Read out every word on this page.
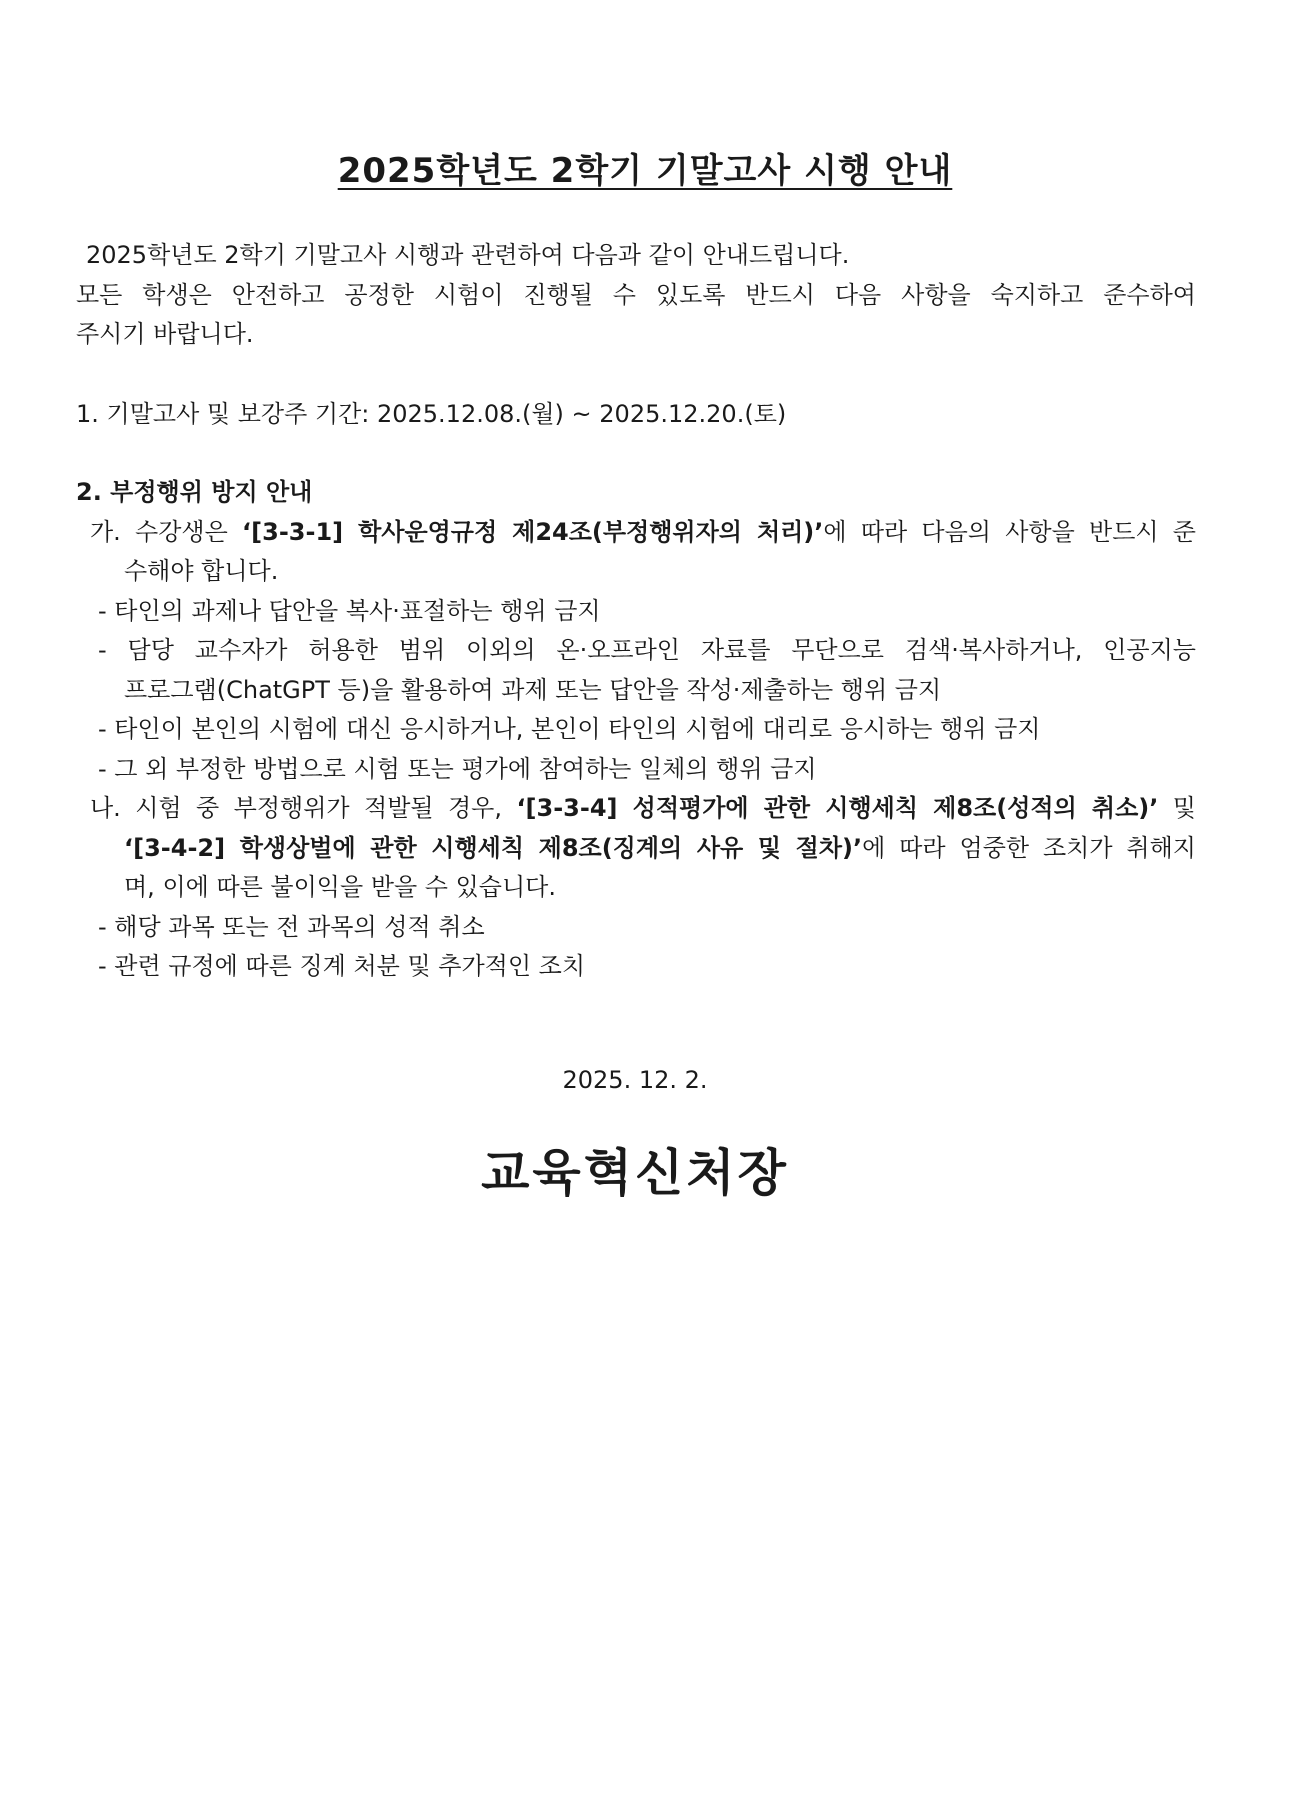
2025학년도 2학기 기말고사 시행 안내
2025학년도 2학기 기말고사 시행과 관련하여 다음과 같이 안내드립니다.
모든 학생은 안전하고 공정한 시험이 진행될 수 있도록 반드시 다음 사항을 숙지하고 준수하여
주시기 바랍니다.
1. 기말고사 및 보강주 기간: 2025.12.08.(월) ~ 2025.12.20.(토)
2. 부정행위 방지 안내
가. 수강생은 ‘[3-3-1] 학사운영규정 제24조(부정행위자의 처리)’에 따라 다음의 사항을 반드시 준
수해야 합니다.
- 타인의 과제나 답안을 복사·표절하는 행위 금지
- 담당 교수자가 허용한 범위 이외의 온·오프라인 자료를 무단으로 검색·복사하거나, 인공지능
프로그램(ChatGPT 등)을 활용하여 과제 또는 답안을 작성·제출하는 행위 금지
- 타인이 본인의 시험에 대신 응시하거나, 본인이 타인의 시험에 대리로 응시하는 행위 금지
- 그 외 부정한 방법으로 시험 또는 평가에 참여하는 일체의 행위 금지
나. 시험 중 부정행위가 적발될 경우, ‘[3-3-4] 성적평가에 관한 시행세칙 제8조(성적의 취소)’ 및
‘[3-4-2] 학생상벌에 관한 시행세칙 제8조(징계의 사유 및 절차)’에 따라 엄중한 조치가 취해지
며, 이에 따른 불이익을 받을 수 있습니다.
- 해당 과목 또는 전 과목의 성적 취소
- 관련 규정에 따른 징계 처분 및 추가적인 조치
2025. 12. 2.
교육혁신처장
